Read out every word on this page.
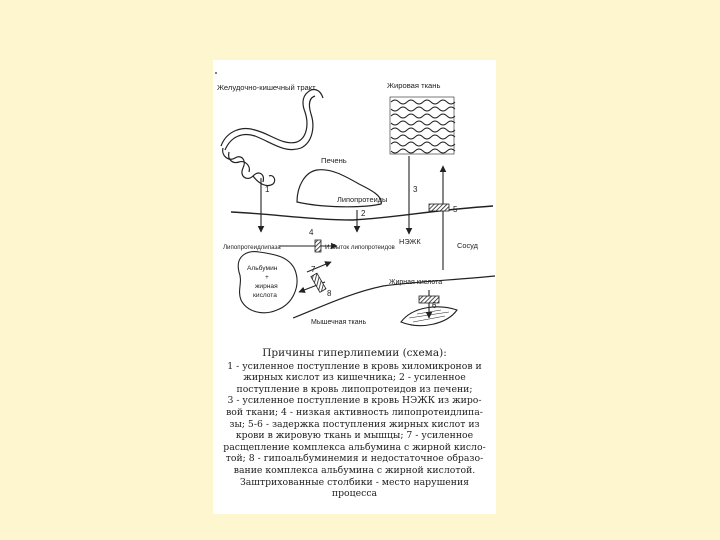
Желудочно-кишечный тракт	Жировая ткань
Печень
Липопротеиды
Сосуд
НЭЖК
Липопротеидлипаза	Избыток липопротеидов
Альбумин
+
жирная
кислота
Жирная кислота
Мышечная ткань
1
2
3
4
5
6
7
8
Причины гиперлипемии (схема):
1 - усиленное поступление в кровь хиломикронов и
жирных кислот из кишечника; 2 - усиленное
поступление в кровь липопротеидов из печени;
3 - усиленное поступление в кровь НЭЖК из жиро-
вой ткани; 4 - низкая активность липопротеидлипа-
зы; 5-6 - задержка поступления жирных кислот из
крови в жировую ткань и мышцы; 7 - усиленное
расщепление комплекса альбумина с жирной кисло-
той; 8 - гипоальбуминемия и недостаточное образо-
вание комплекса альбумина с жирной кислотой.
Заштрихованные столбики - место нарушения
процесса
